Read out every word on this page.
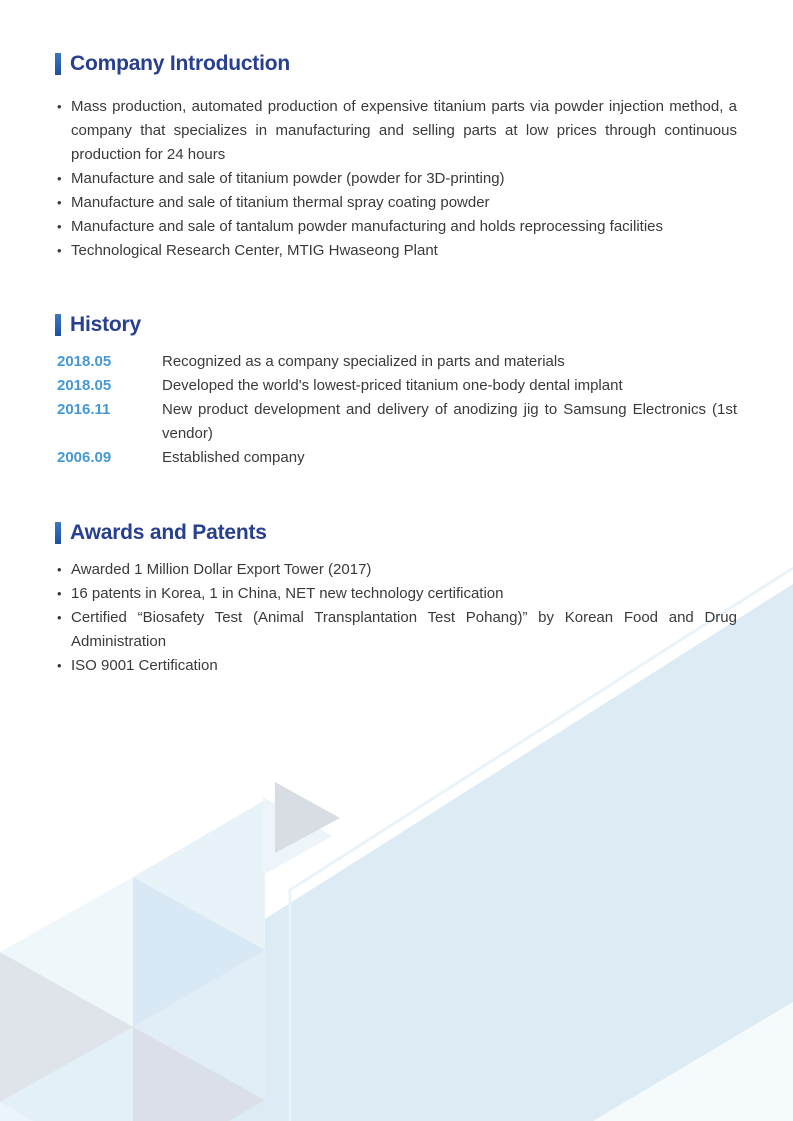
Company Introduction
• Mass production, automated production of expensive titanium parts via powder injection method, a company that specializes in manufacturing and selling parts at low prices through continuous production for 24 hours
• Manufacture and sale of titanium powder (powder for 3D-printing)
• Manufacture and sale of titanium thermal spray coating powder
• Manufacture and sale of tantalum powder manufacturing and holds reprocessing facilities
• Technological Research Center, MTIG Hwaseong Plant
History
2018.05	Recognized as a company specialized in parts and materials
2018.05	Developed the world's lowest-priced titanium one-body dental implant
2016.11	New product development and delivery of anodizing jig to Samsung Electronics (1st vendor)
2006.09	Established company
Awards and Patents
• Awarded 1 Million Dollar Export Tower (2017)
• 16 patents in Korea, 1 in China, NET new technology certification
• Certified “Biosafety Test (Animal Transplantation Test Pohang)” by Korean Food and Drug Administration
• ISO 9001 Certification
